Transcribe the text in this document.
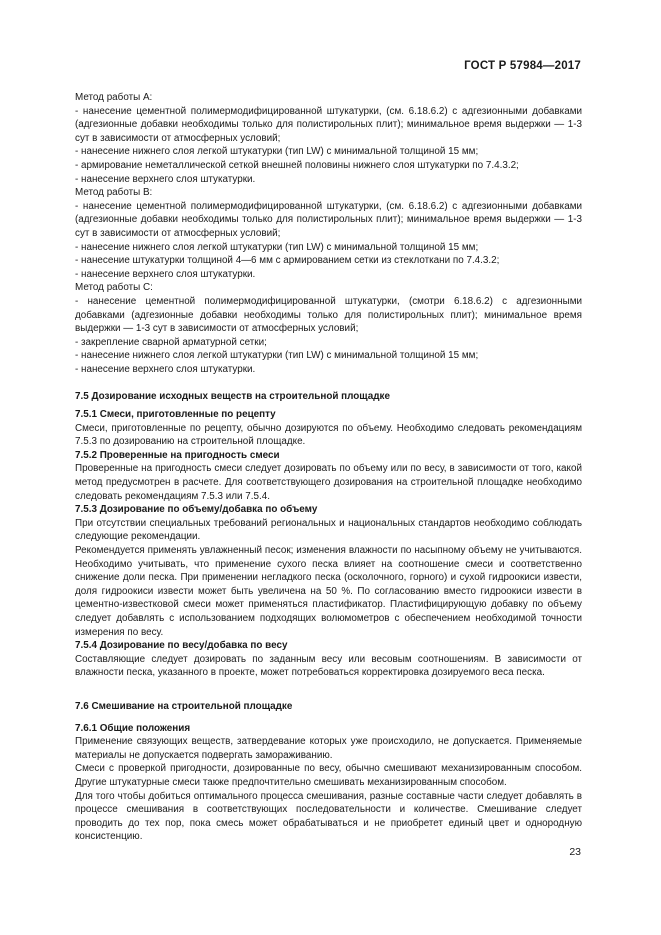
ГОСТ Р 57984—2017

Метод работы А:

- нанесение цементной полимермодифицированной штукатурки, (см. 6.18.6.2) с адгезионными добавками (адгезионные добавки необходимы только для полистирольных плит); минимальное время выдержки — 1-3 сут в зависимости от атмосферных условий;

- нанесение нижнего слоя легкой штукатурки (тип LW) с минимальной толщиной 15 мм;

- армирование неметаллической сеткой внешней половины нижнего слоя штукатурки по 7.4.3.2;

- нанесение верхнего слоя штукатурки.

Метод работы В:

- нанесение цементной полимермодифицированной штукатурки, (см. 6.18.6.2) с адгезионными добавками (адгезионные добавки необходимы только для полистирольных плит); минимальное время выдержки — 1-3 сут в зависимости от атмосферных условий;

- нанесение нижнего слоя легкой штукатурки (тип LW) с минимальной толщиной 15 мм;

- нанесение штукатурки толщиной 4—6 мм с армированием сетки из стеклоткани по 7.4.3.2;

- нанесение верхнего слоя штукатурки.

Метод работы С:

- нанесение цементной полимермодифицированной штукатурки, (смотри 6.18.6.2) с адгезионными добавками (адгезионные добавки необходимы только для полистирольных плит); минимальное время выдержки — 1-3 сут в зависимости от атмосферных условий;

- закрепление сварной арматурной сетки;

- нанесение нижнего слоя легкой штукатурки (тип LW) с минимальной толщиной 15 мм;

- нанесение верхнего слоя штукатурки.

7.5 Дозирование исходных веществ на строительной площадке

7.5.1 Смеси, приготовленные по рецепту

Смеси, приготовленные по рецепту, обычно дозируются по объему. Необходимо следовать рекомендациям 7.5.3 по дозированию на строительной площадке.

7.5.2 Проверенные на пригодность смеси

Проверенные на пригодность смеси следует дозировать по объему или по весу, в зависимости от того, какой метод предусмотрен в расчете. Для соответствующего дозирования на строительной площадке необходимо следовать рекомендациям 7.5.3 или 7.5.4.

7.5.3 Дозирование по объему/добавка по объему

При отсутствии специальных требований региональных и национальных стандартов необходимо соблюдать следующие рекомендации.

Рекомендуется применять увлажненный песок; изменения влажности по насыпному объему не учитываются. Необходимо учитывать, что применение сухого песка влияет на соотношение смеси и соответственно снижение доли песка. При применении негладкого песка (осколочного, горного) и сухой гидроокиси извести, доля гидроокиси извести может быть увеличена на 50 %. По согласованию вместо гидроокиси извести в цементно-известковой смеси может применяться пластификатор. Пластифицирующую добавку по объему следует добавлять с использованием подходящих волюмометров с обеспечением необходимой точности измерения по весу.

7.5.4 Дозирование по весу/добавка по весу

Составляющие следует дозировать по заданным весу или весовым соотношениям. В зависимости от влажности песка, указанного в проекте, может потребоваться корректировка дозируемого веса песка.

7.6 Смешивание на строительной площадке

7.6.1 Общие положения

Применение связующих веществ, затвердевание которых уже происходило, не допускается. Применяемые материалы не допускается подвергать замораживанию.

Смеси с проверкой пригодности, дозированные по весу, обычно смешивают механизированным способом. Другие штукатурные смеси также предпочтительно смешивать механизированным способом.

Для того чтобы добиться оптимального процесса смешивания, разные составные части следует добавлять в процессе смешивания в соответствующих последовательности и количестве. Смешивание следует проводить до тех пор, пока смесь может обрабатываться и не приобретет единый цвет и однородную консистенцию.

23
